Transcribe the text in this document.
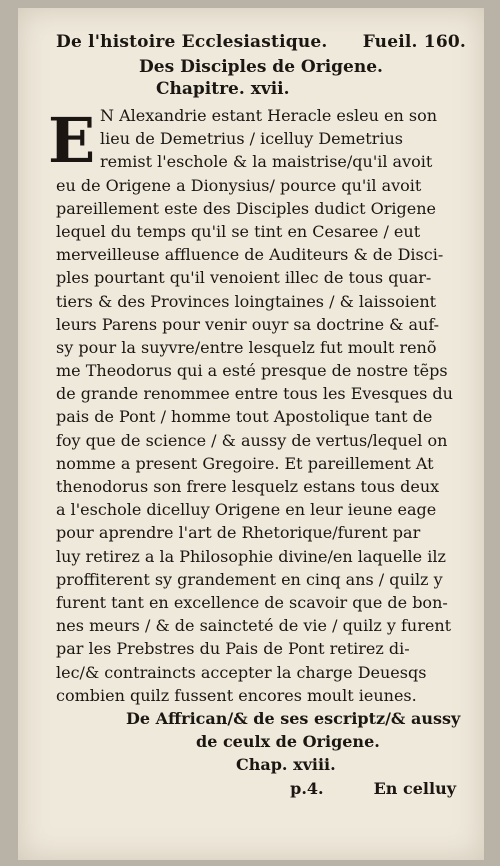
De l'histoire Ecclesiastique. Fueil. 160.
Des Disciples de Origene.
Chapitre. xvii.
E N Alexandrie estant Heracle esleu en son
lieu de Demetrius / icelluy Demetrius
remist l'eschole & la maistrise/qu'il avoit
eu de Origene a Dionysius/ pource qu'il avoit
pareillement este des Disciples dudict Origene
lequel du temps qu'il se tint en Cesaree / eut
merveilleuse affluence de Auditeurs & de Disci-
ples pourtant qu'il venoient illec de tous quar-
tiers & des Provinces loingtaines / & laissoient
leurs Parens pour venir ouyr sa doctrine & auf-
sy pour la suyvre/entre lesquelz fut moult renõ
me Theodorus qui a esté presque de nostre tẽps
de grande renommee entre tous les Evesques du
pais de Pont / homme tout Apostolique tant de
foy que de science / & aussy de vertus/lequel on
nomme a present Gregoire. Et pareillement At
thenodorus son frere lesquelz estans tous deux
a l'eschole dicelluy Origene en leur ieune eage
pour aprendre l'art de Rhetorique/furent par
luy retirez a la Philosophie divine/en laquelle ilz
proffiterent sy grandement en cinq ans / quilz y
furent tant en excellence de scavoir que de bon-
nes meurs / & de saincteté de vie / quilz y furent
par les Prebstres du Pais de Pont retirez di-
lec/& contraincts accepter la charge Deuesqs
combien quilz fussent encores moult ieunes.
De Affrican/& de ses escriptz/& aussy
de ceulx de Origene.
Chap. xviii.
p.4.	En celluy
